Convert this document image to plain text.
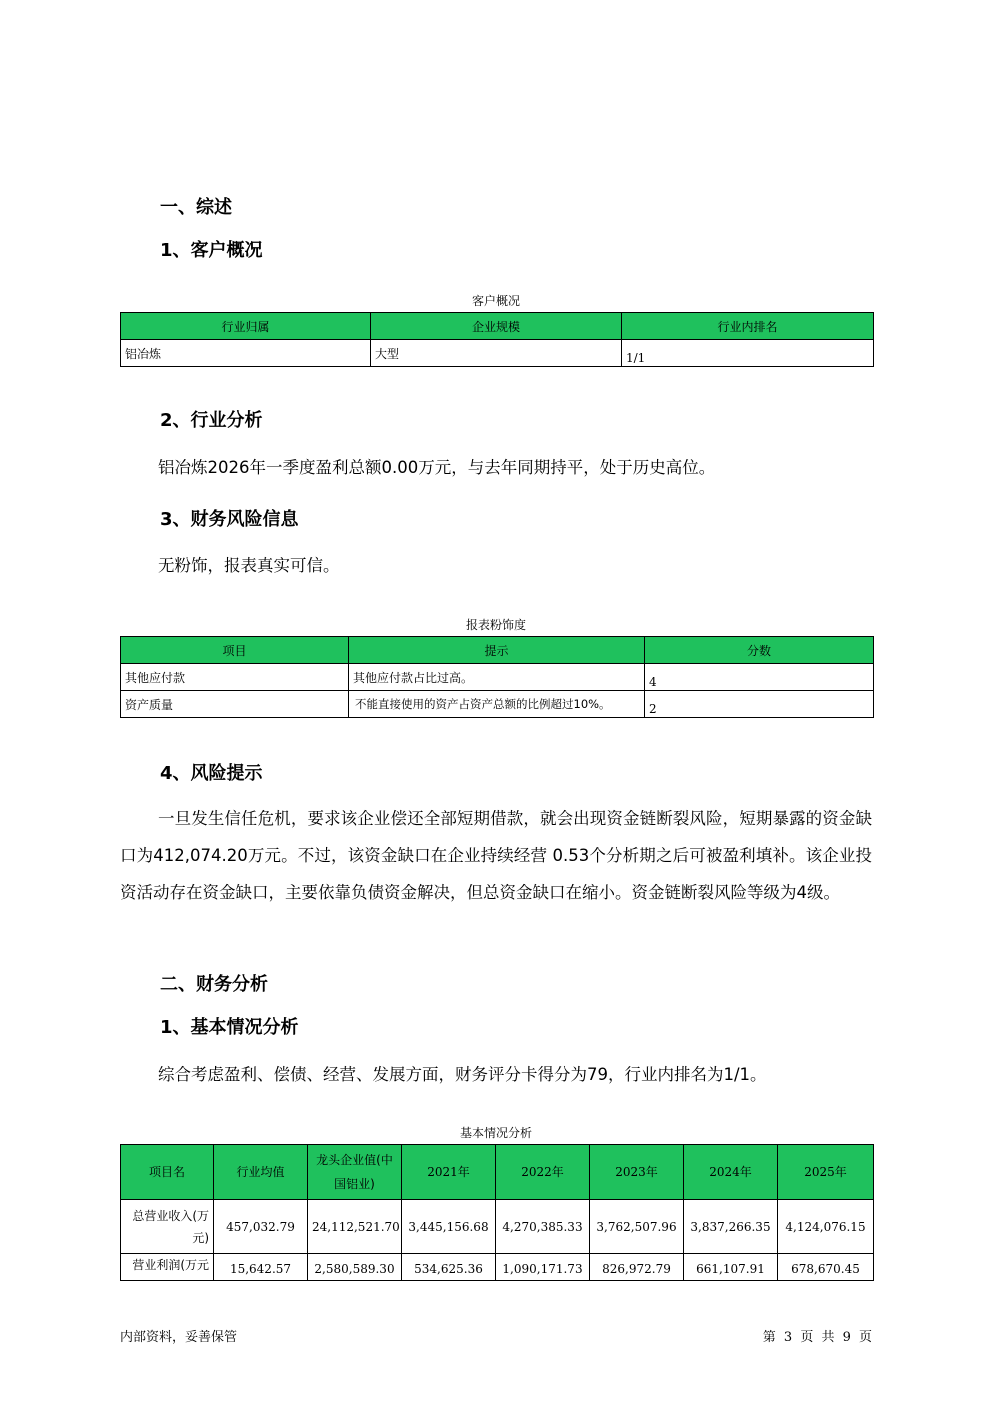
一、综述
1、客户概况
客户概况
行业归属	企业规模	行业内排名
铝冶炼	大型	1/1
2、行业分析
铝冶炼2026年一季度盈利总额0.00万元，与去年同期持平，处于历史高位。
3、财务风险信息
无粉饰，报表真实可信。
报表粉饰度
项目	提示	分数
其他应付款	其他应付款占比过高。	4
资产质量	不能直接使用的资产占资产总额的比例超过10%。	2
4、风险提示
一旦发生信任危机，要求该企业偿还全部短期借款，就会出现资金链断裂风险，短期暴露的资金缺口为412,074.20万元。不过，该资金缺口在企业持续经营 0.53个分析期之后可被盈利填补。该企业投资活动存在资金缺口，主要依靠负债资金解决，但总资金缺口在缩小。资金链断裂风险等级为4级。
二、财务分析
1、基本情况分析
综合考虑盈利、偿债、经营、发展方面，财务评分卡得分为79，行业内排名为1/1。
基本情况分析
项目名	行业均值	龙头企业值(中国铝业)	2021年	2022年	2023年	2024年	2025年
总营业收入(万元)	457,032.79	24,112,521.70	3,445,156.68	4,270,385.33	3,762,507.96	3,837,266.35	4,124,076.15
营业利润(万元	15,642.57	2,580,589.30	534,625.36	1,090,171.73	826,972.79	661,107.91	678,670.45
内部资料，妥善保管	第 3 页 共 9 页
